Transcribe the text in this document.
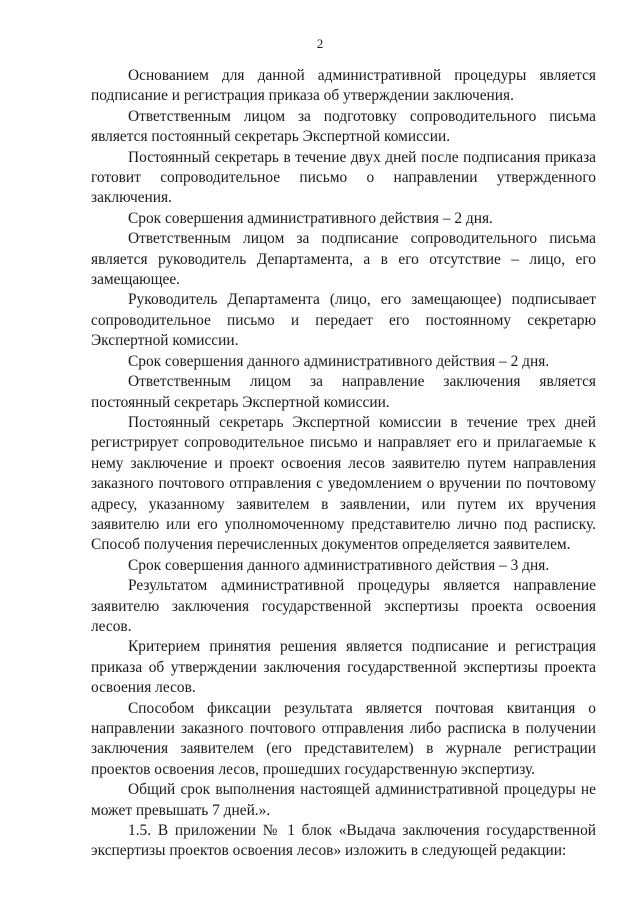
2

Основанием для данной административной процедуры является подписание и регистрация приказа об утверждении заключения.

Ответственным лицом за подготовку сопроводительного письма является постоянный секретарь Экспертной комиссии.

Постоянный секретарь в течение двух дней после подписания приказа готовит сопроводительное письмо о направлении утвержденного заключения.

Срок совершения административного действия – 2 дня.

Ответственным лицом за подписание сопроводительного письма является руководитель Департамента, а в его отсутствие – лицо, его замещающее.

Руководитель Департамента (лицо, его замещающее) подписывает сопроводительное письмо и передает его постоянному секретарю Экспертной комиссии.

Срок совершения данного административного действия – 2 дня.

Ответственным лицом за направление заключения является постоянный секретарь Экспертной комиссии.

Постоянный секретарь Экспертной комиссии в течение трех дней регистрирует сопроводительное письмо и направляет его и прилагаемые к нему заключение и проект освоения лесов заявителю путем направления заказного почтового отправления с уведомлением о вручении по почтовому адресу, указанному заявителем в заявлении, или путем их вручения заявителю или его уполномоченному представителю лично под расписку. Способ получения перечисленных документов определяется заявителем.

Срок совершения данного административного действия – 3 дня.

Результатом административной процедуры является направление заявителю заключения государственной экспертизы проекта освоения лесов.

Критерием принятия решения является подписание и регистрация приказа об утверждении заключения государственной экспертизы проекта освоения лесов.

Способом фиксации результата является почтовая квитанция о направлении заказного почтового отправления либо расписка в получении заключения заявителем (его представителем) в журнале регистрации проектов освоения лесов, прошедших государственную экспертизу.

Общий срок выполнения настоящей административной процедуры не может превышать 7 дней.».

1.5. В приложении № 1 блок «Выдача заключения государственной экспертизы проектов освоения лесов» изложить в следующей редакции:
